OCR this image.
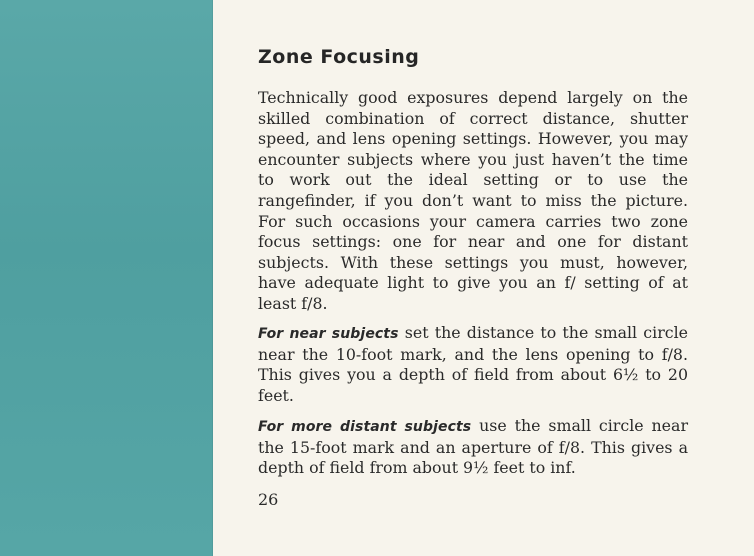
Zone Focusing

Technically good exposures depend largely on the skilled combination of correct distance, shutter speed, and lens opening settings. However, you may encounter subjects where you just haven’t the time to work out the ideal setting or to use the rangefinder, if you don’t want to miss the picture. For such occasions your camera carries two zone focus settings: one for near and one for distant subjects. With these settings you must, however, have adequate light to give you an f/ setting of at least f/8.

For near subjects set the distance to the small circle near the 10-foot mark, and the lens opening to f/8. This gives you a depth of field from about 6½ to 20 feet.

For more distant subjects use the small circle near the 15-foot mark and an aperture of f/8. This gives a depth of field from about 9½ feet to inf.

26
